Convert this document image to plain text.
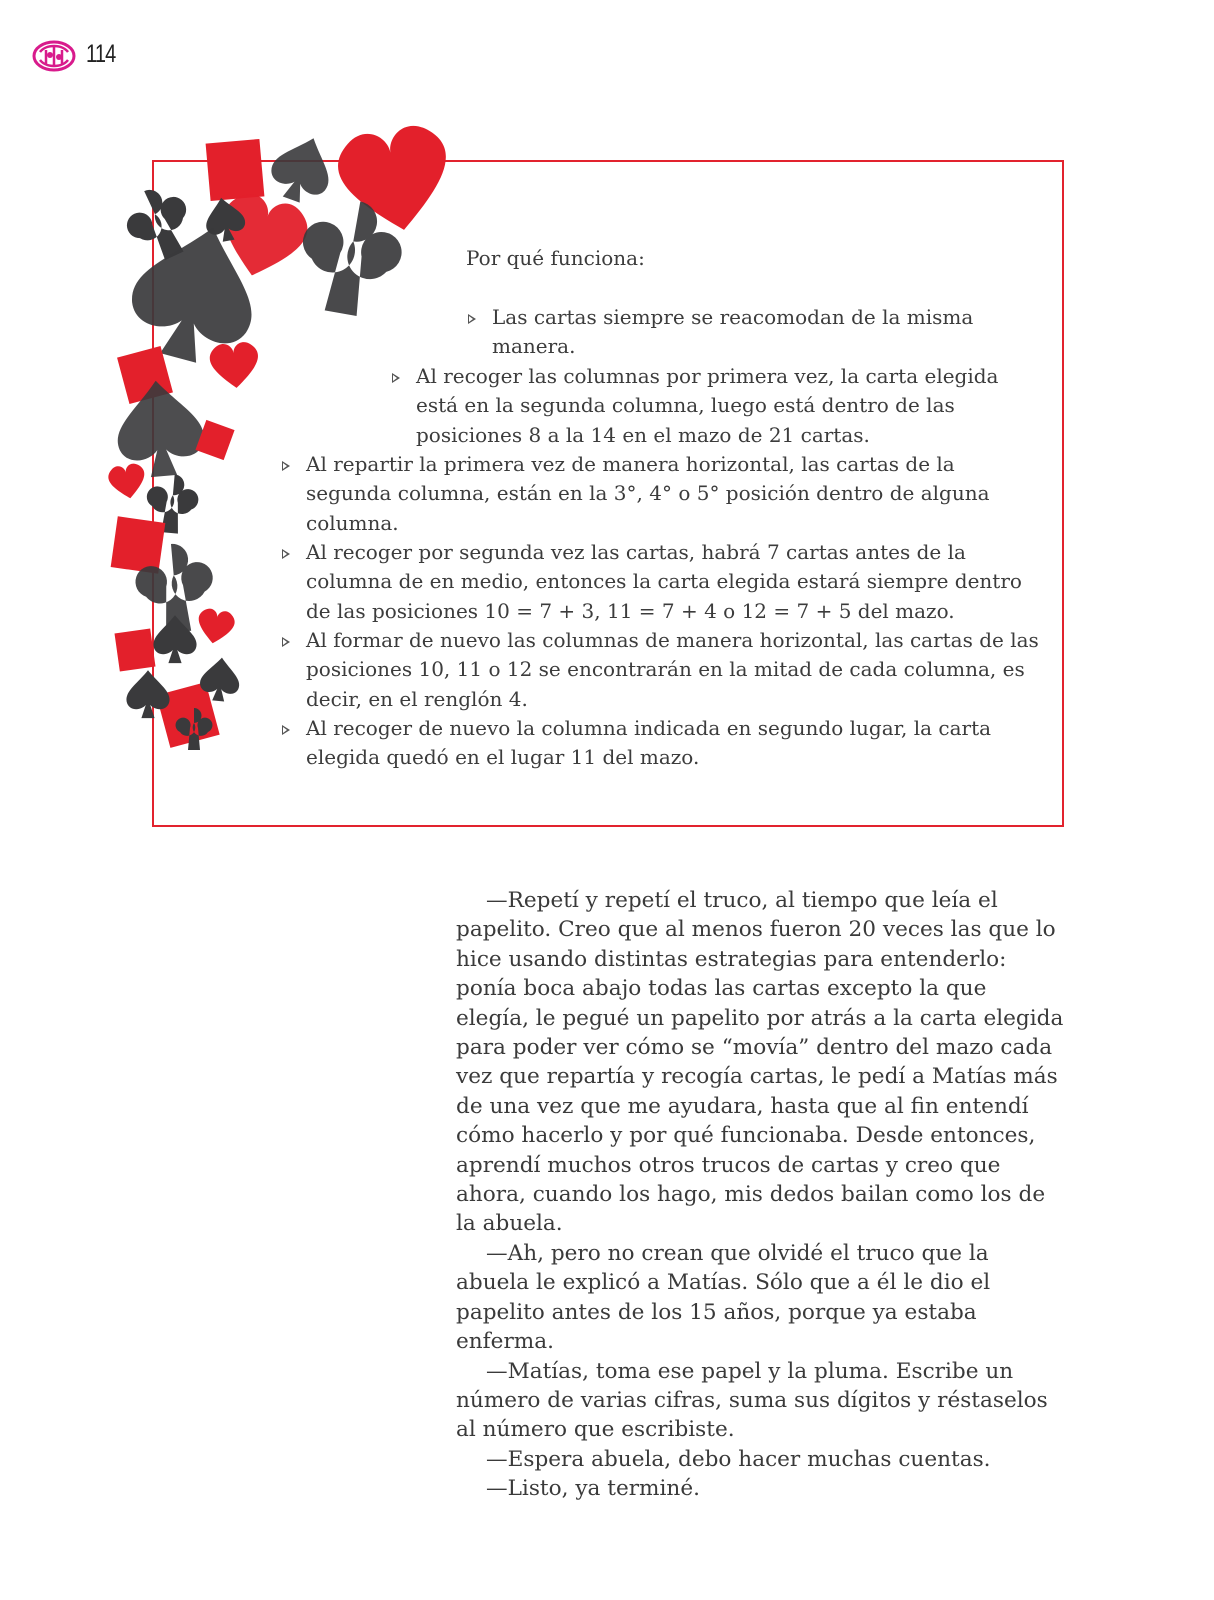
114
Por qué funciona:
Las cartas siempre se reacomodan de la misma manera.
Al recoger las columnas por primera vez, la carta elegida está en la segunda columna, luego está dentro de las posiciones 8 a la 14 en el mazo de 21 cartas.
Al repartir la primera vez de manera horizontal, las cartas de la segunda columna, están en la 3°, 4° o 5° posición dentro de alguna columna.
Al recoger por segunda vez las cartas, habrá 7 cartas antes de la columna de en medio, entonces la carta elegida estará siempre dentro de las posiciones 10 = 7 + 3, 11 = 7 + 4 o 12 = 7 + 5 del mazo.
Al formar de nuevo las columnas de manera horizontal, las cartas de las posiciones 10, 11 o 12 se encontrarán en la mitad de cada columna, es decir, en el renglón 4.
Al recoger de nuevo la columna indicada en segundo lugar, la carta elegida quedó en el lugar 11 del mazo.

—Repetí y repetí el truco, al tiempo que leía el papelito. Creo que al menos fueron 20 veces las que lo hice usando distintas estrategias para entenderlo: ponía boca abajo todas las cartas excepto la que elegía, le pegué un papelito por atrás a la carta elegida para poder ver cómo se “movía” dentro del mazo cada vez que repartía y recogía cartas, le pedí a Matías más de una vez que me ayudara, hasta que al fin entendí cómo hacerlo y por qué funcionaba. Desde entonces, aprendí muchos otros trucos de cartas y creo que ahora, cuando los hago, mis dedos bailan como los de la abuela.

—Ah, pero no crean que olvidé el truco que la abuela le explicó a Matías. Sólo que a él le dio el papelito antes de los 15 años, porque ya estaba enferma.

—Matías, toma ese papel y la pluma. Escribe un número de varias cifras, suma sus dígitos y réstaselos al número que escribiste.

—Espera abuela, debo hacer muchas cuentas.

—Listo, ya terminé.
